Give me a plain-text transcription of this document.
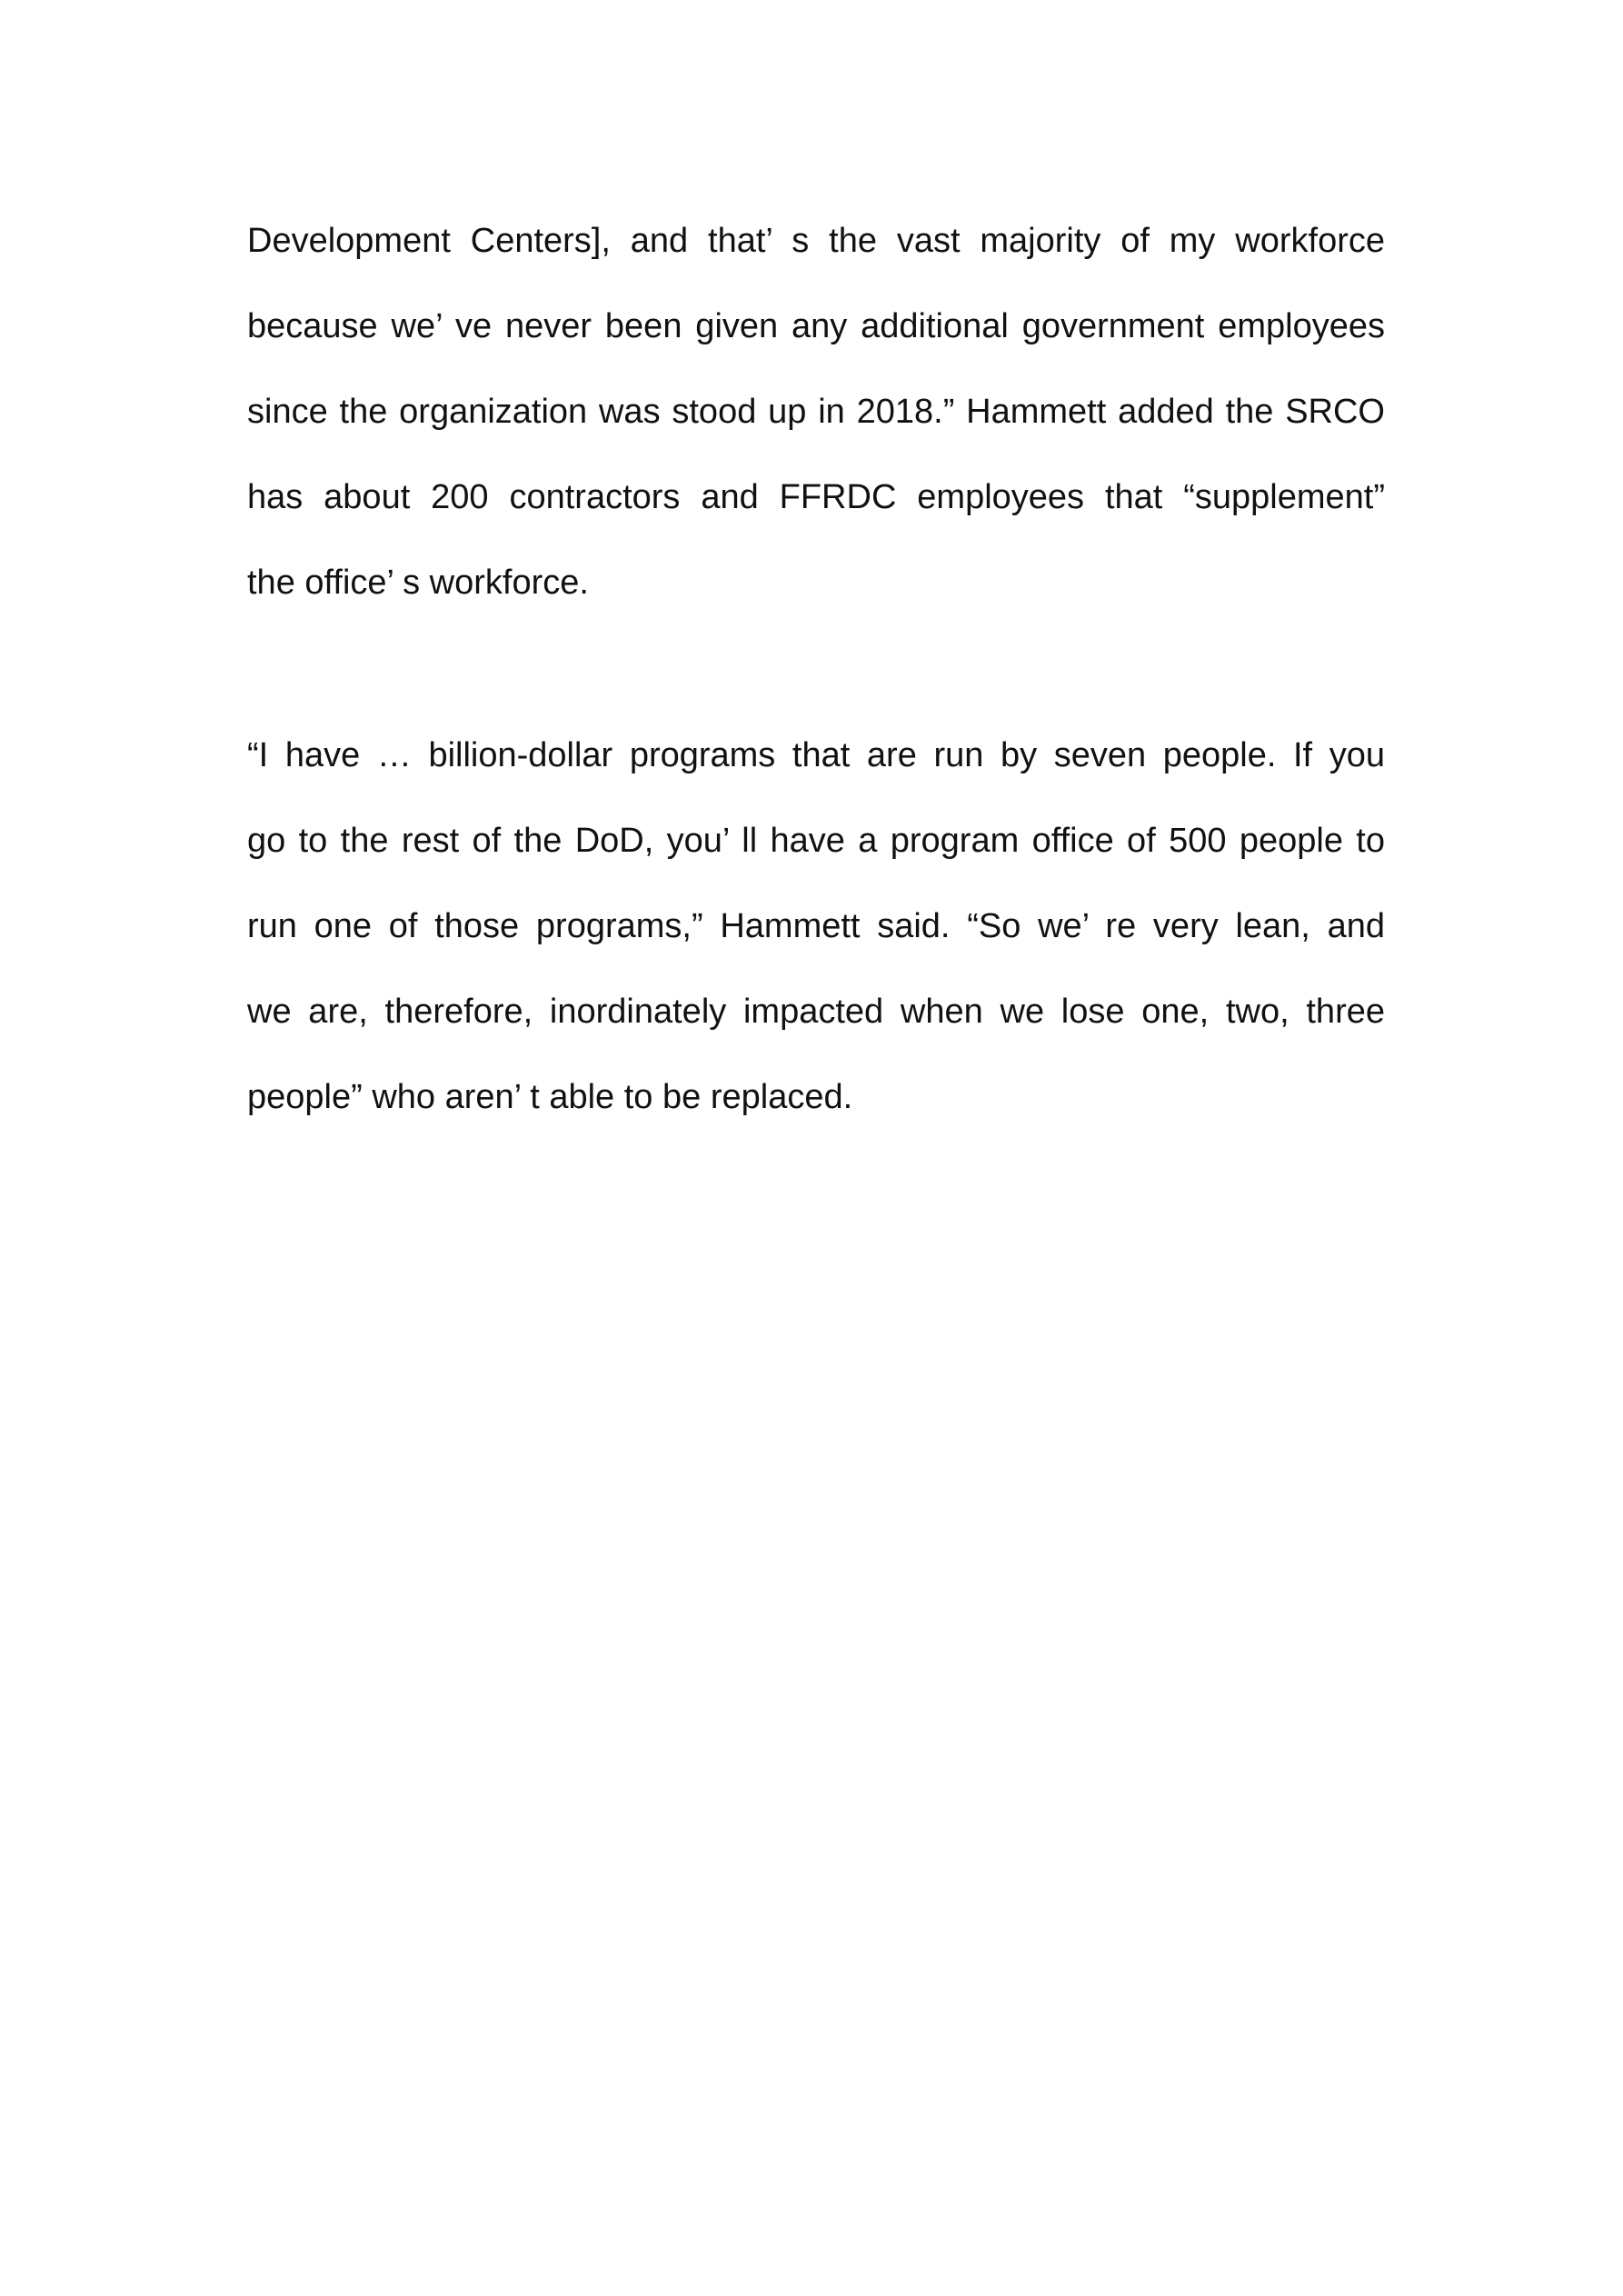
Development Centers], and that’ s the vast majority of my workforce
because we’ ve never been given any additional government employees
since the organization was stood up in 2018.” Hammett added the SRCO
has about 200 contractors and FFRDC employees that “supplement”
the office’ s workforce.
“I have … billion-dollar programs that are run by seven people. If you
go to the rest of the DoD, you’ ll have a program office of 500 people to
run one of those programs,” Hammett said. “So we’ re very lean, and
we are, therefore, inordinately impacted when we lose one, two, three
people” who aren’ t able to be replaced.
